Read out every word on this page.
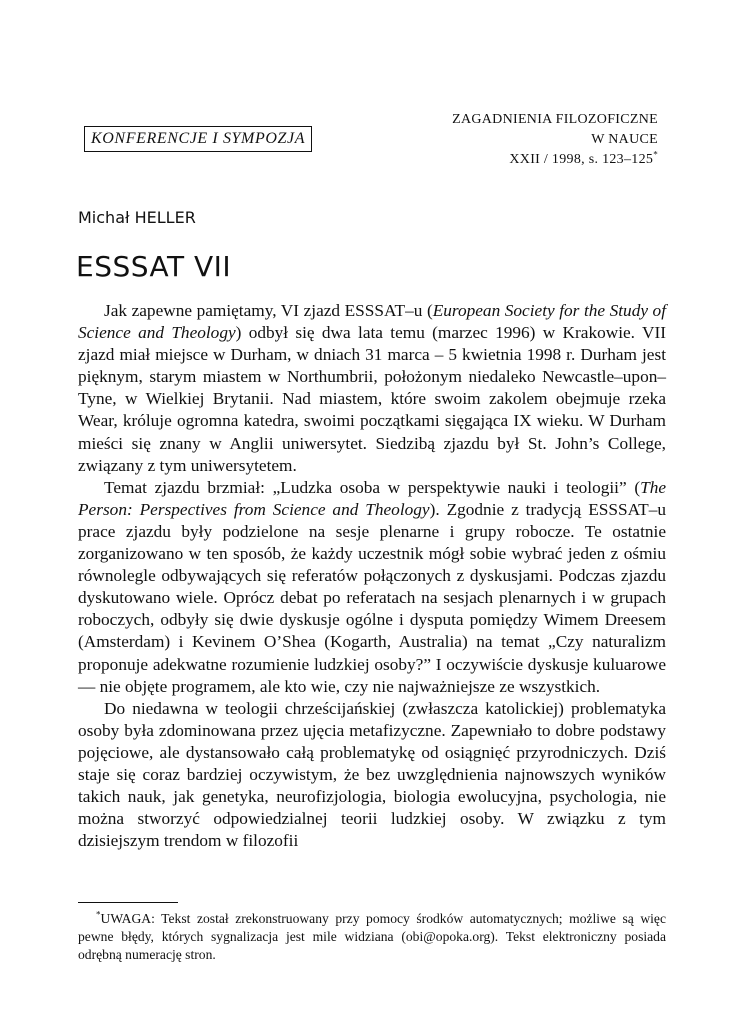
KONFERENCJE I SYMPOZJA
ZAGADNIENIA FILOZOFICZNE
W NAUCE
XXII / 1998, s. 123–125*
Michał HELLER
ESSSAT VII

Jak zapewne pamiętamy, VI zjazd ESSSAT–u (European Society for the Study of Science and Theology) odbył się dwa lata temu (marzec 1996) w Krakowie. VII zjazd miał miejsce w Durham, w dniach 31 marca – 5 kwietnia 1998 r. Durham jest pięknym, starym miastem w Northumbrii, położonym niedaleko Newcastle–upon–Tyne, w Wielkiej Brytanii. Nad miastem, które swoim zakolem obejmuje rzeka Wear, króluje ogromna katedra, swoimi początkami sięgająca IX wieku. W Durham mieści się znany w Anglii uniwersytet. Siedzibą zjazdu był St. John’s College, związany z tym uniwersytetem.

Temat zjazdu brzmiał: „Ludzka osoba w perspektywie nauki i teologii” (The Person: Perspectives from Science and Theology). Zgodnie z tradycją ESSSAT–u prace zjazdu były podzielone na sesje plenarne i grupy robocze. Te ostatnie zorganizowano w ten sposób, że każdy uczestnik mógł sobie wybrać jeden z ośmiu równolegle odbywających się referatów połączonych z dyskusjami. Podczas zjazdu dyskutowano wiele. Oprócz debat po referatach na sesjach plenarnych i w grupach roboczych, odbyły się dwie dyskusje ogólne i dysputa pomiędzy Wimem Dreesem (Amsterdam) i Kevinem O’Shea (Kogarth, Australia) na temat „Czy naturalizm proponuje adekwatne rozumienie ludzkiej osoby?” I oczywiście dyskusje kuluarowe — nie objęte programem, ale kto wie, czy nie najważniejsze ze wszystkich.

Do niedawna w teologii chrześcijańskiej (zwłaszcza katolickiej) problematyka osoby była zdominowana przez ujęcia metafizyczne. Zapewniało to dobre podstawy pojęciowe, ale dystansowało całą problematykę od osiągnięć przyrodniczych. Dziś staje się coraz bardziej oczywistym, że bez uwzględnienia najnowszych wyników takich nauk, jak genetyka, neurofizjologia, biologia ewolucyjna, psychologia, nie można stworzyć odpowiedzialnej teorii ludzkiej osoby. W związku z tym dzisiejszym trendom w filozofii

*UWAGA: Tekst został zrekonstruowany przy pomocy środków automatycznych; możliwe są więc pewne błędy, których sygnalizacja jest mile widziana (obi@opoka.org). Tekst elektroniczny posiada odrębną numerację stron.
